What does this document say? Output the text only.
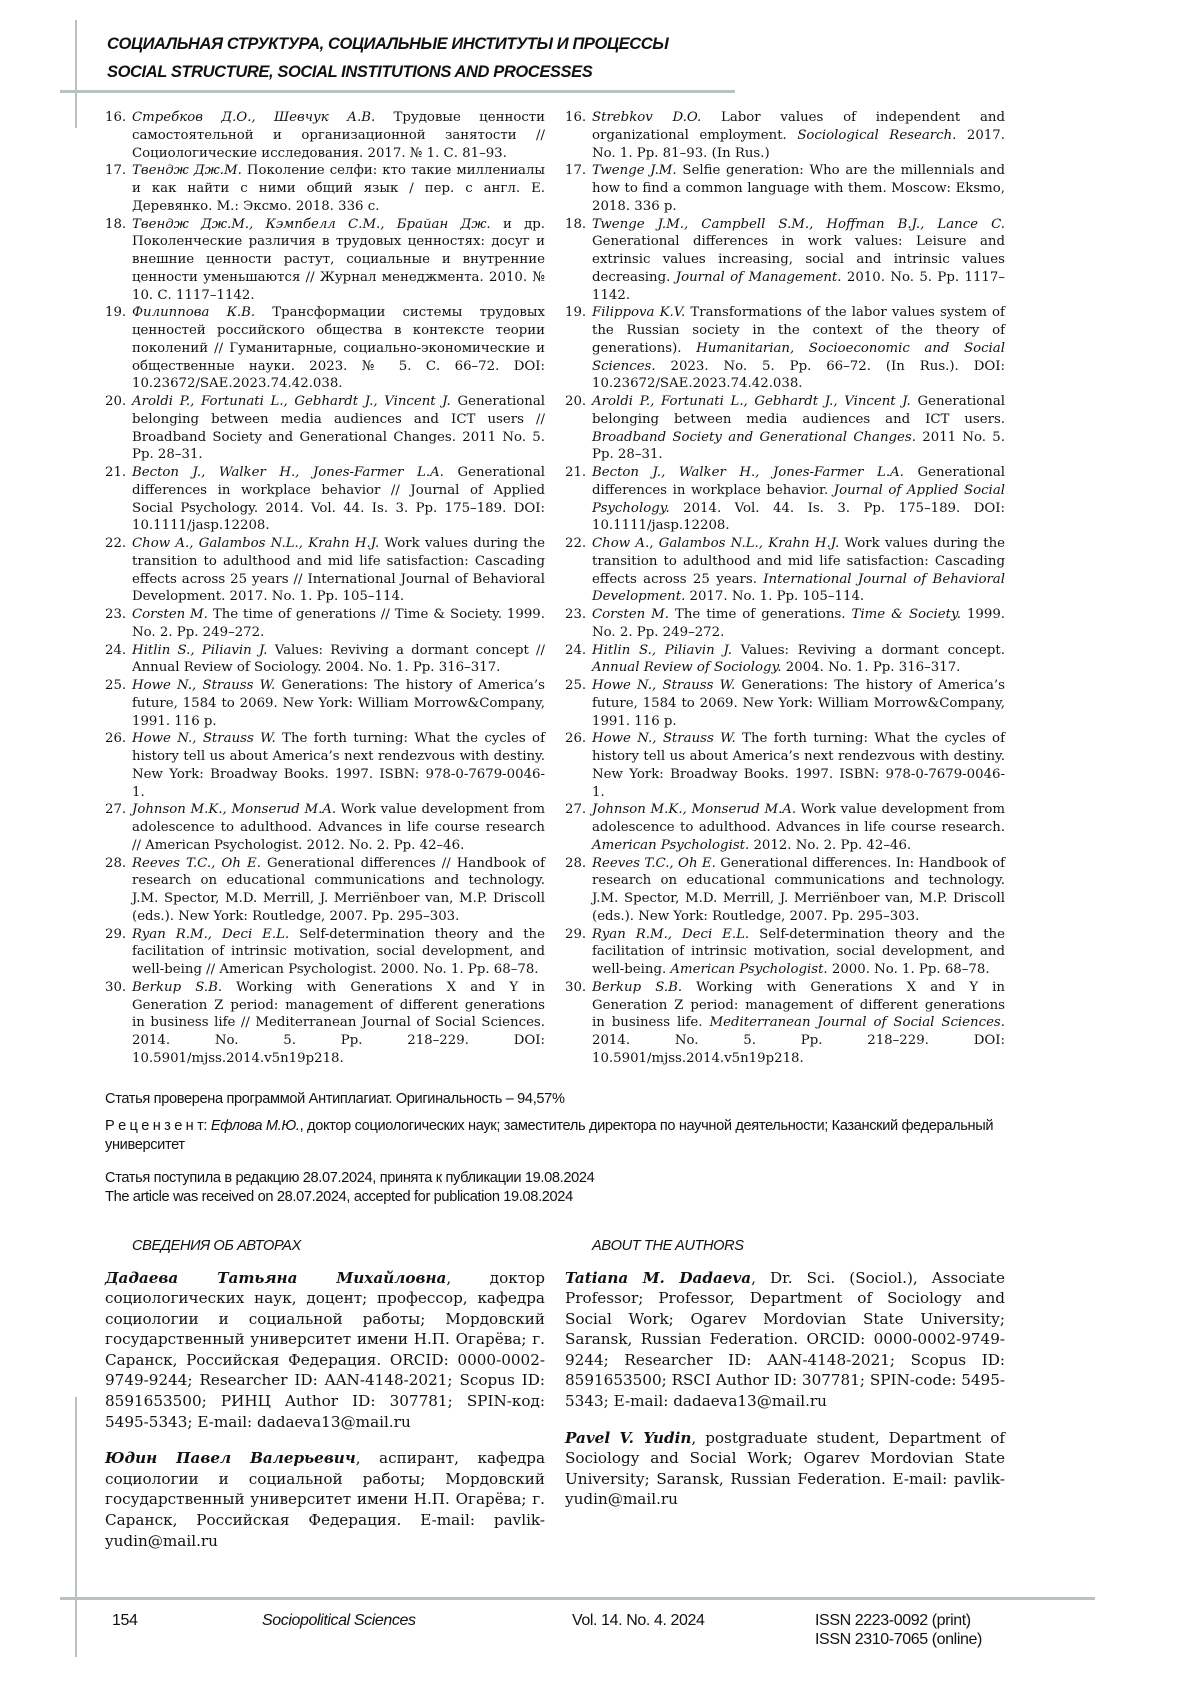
СОЦИАЛЬНАЯ СТРУКТУРА, СОЦИАЛЬНЫЕ ИНСТИТУТЫ И ПРОЦЕССЫ
SOCIAL STRUCTURE, SOCIAL INSTITUTIONS AND PROCESSES
16. Стребков Д.О., Шевчук А.В. Трудовые ценности самостоятельной и организационной занятости // Социологические исследования. 2017. № 1. С. 81–93.
17. Твендж Дж.М. Поколение селфи: кто такие миллениалы и как найти с ними общий язык / пер. с англ. Е. Деревянко. М.: Эксмо. 2018. 336 с.
18. Твендж Дж.М., Кэмпбелл С.М., Брайан Дж. и др. Поколенческие различия в трудовых ценностях: досуг и внешние ценности растут, социальные и внутренние ценности уменьшаются // Журнал менеджмента. 2010. № 10. С. 1117–1142.
19. Филиппова К.В. Трансформации системы трудовых ценностей российского общества в контексте теории поколений // Гуманитарные, социально-экономические и общественные науки. 2023. № 5. С. 66–72. DOI: 10.23672/SAE.2023.74.42.038.
20. Aroldi P., Fortunati L., Gebhardt J., Vincent J. Generational belonging between media audiences and ICT users // Broadband Society and Generational Changes. 2011 No. 5. Pp. 28–31.
21. Becton J., Walker H., Jones-Farmer L.A. Generational differences in workplace behavior // Journal of Applied Social Psychology. 2014. Vol. 44. Is. 3. Pp. 175–189. DOI: 10.1111/jasp.12208.
22. Chow A., Galambos N.L., Krahn H.J. Work values during the transition to adulthood and mid life satisfaction: Cascading effects across 25 years // International Journal of Behavioral Development. 2017. No. 1. Pp. 105–114.
23. Corsten M. The time of generations // Time & Society. 1999. No. 2. Pp. 249–272.
24. Hitlin S., Piliavin J. Values: Reviving a dormant concept // Annual Review of Sociology. 2004. No. 1. Pp. 316–317.
25. Howe N., Strauss W. Generations: The history of America’s future, 1584 to 2069. New York: William Morrow&Company, 1991. 116 p.
26. Howe N., Strauss W. The forth turning: What the cycles of history tell us about America’s next rendezvous with destiny. New York: Broadway Books. 1997. ISBN: 978-0-7679-0046-1.
27. Johnson M.K., Monserud M.A. Work value development from adolescence to adulthood. Advances in life course research // American Psychologist. 2012. No. 2. Pp. 42–46.
28. Reeves T.C., Oh E. Generational differences // Handbook of research on educational communications and technology. J.M. Spector, M.D. Merrill, J. Merriënboer van, M.P. Driscoll (eds.). New York: Routledge, 2007. Pp. 295–303.
29. Ryan R.M., Deci E.L. Self-determination theory and the facilitation of intrinsic motivation, social development, and well-being // American Psychologist. 2000. No. 1. Pp. 68–78.
30. Berkup S.B. Working with Generations X and Y in Generation Z period: management of different generations in business life // Mediterranean Journal of Social Sciences. 2014. No. 5. Pp. 218–229. DOI: 10.5901/mjss.2014.v5n19p218.
16. Strebkov D.O. Labor values of independent and organizational employment. Sociological Research. 2017. No. 1. Pp. 81–93. (In Rus.)
17. Twenge J.M. Selfie generation: Who are the millennials and how to find a common language with them. Moscow: Eksmo, 2018. 336 p.
18. Twenge J.M., Campbell S.M., Hoffman B.J., Lance C. Generational differences in work values: Leisure and extrinsic values increasing, social and intrinsic values decreasing. Journal of Management. 2010. No. 5. Pp. 1117–1142.
19. Filippova K.V. Transformations of the labor values system of the Russian society in the context of the theory of generations). Humanitarian, Socioeconomic and Social Sciences. 2023. No. 5. Pp. 66–72. (In Rus.). DOI: 10.23672/SAE.2023.74.42.038.
20. Aroldi P., Fortunati L., Gebhardt J., Vincent J. Generational belonging between media audiences and ICT users. Broadband Society and Generational Changes. 2011 No. 5. Pp. 28–31.
21. Becton J., Walker H., Jones-Farmer L.A. Generational differences in workplace behavior. Journal of Applied Social Psychology. 2014. Vol. 44. Is. 3. Pp. 175–189. DOI: 10.1111/jasp.12208.
22. Chow A., Galambos N.L., Krahn H.J. Work values during the transition to adulthood and mid life satisfaction: Cascading effects across 25 years. International Journal of Behavioral Development. 2017. No. 1. Pp. 105–114.
23. Corsten M. The time of generations. Time & Society. 1999. No. 2. Pp. 249–272.
24. Hitlin S., Piliavin J. Values: Reviving a dormant concept. Annual Review of Sociology. 2004. No. 1. Pp. 316–317.
25. Howe N., Strauss W. Generations: The history of America’s future, 1584 to 2069. New York: William Morrow&Company, 1991. 116 p.
26. Howe N., Strauss W. The forth turning: What the cycles of history tell us about America’s next rendezvous with destiny. New York: Broadway Books. 1997. ISBN: 978-0-7679-0046-1.
27. Johnson M.K., Monserud M.A. Work value development from adolescence to adulthood. Advances in life course research. American Psychologist. 2012. No. 2. Pp. 42–46.
28. Reeves T.C., Oh E. Generational differences. In: Handbook of research on educational communications and technology. J.M. Spector, M.D. Merrill, J. Merriënboer van, M.P. Driscoll (eds.). New York: Routledge, 2007. Pp. 295–303.
29. Ryan R.M., Deci E.L. Self-determination theory and the facilitation of intrinsic motivation, social development, and well-being. American Psychologist. 2000. No. 1. Pp. 68–78.
30. Berkup S.B. Working with Generations X and Y in Generation Z period: management of different generations in business life. Mediterranean Journal of Social Sciences. 2014. No. 5. Pp. 218–229. DOI: 10.5901/mjss.2014.v5n19p218.
Статья проверена программой Антиплагиат. Оригинальность – 94,57%
Р е ц е н з е н т: Ефлова М.Ю., доктор социологических наук; заместитель директора по научной деятельности; Казанский федеральный университет
Статья поступила в редакцию 28.07.2024, принята к публикации 19.08.2024
The article was received on 28.07.2024, accepted for publication 19.08.2024
СВЕДЕНИЯ ОБ АВТОРАХ
Дадаева Татьяна Михайловна, доктор социологических наук, доцент; профессор, кафедра социологии и социальной работы; Мордовский государственный университет имени Н.П. Огарёва; г. Саранск, Российская Федерация. ORCID: 0000-0002-9749-9244; Researcher ID: AAN-4148-2021; Scopus ID: 8591653500; РИНЦ Author ID: 307781; SPIN-код: 5495-5343; E-mail: dadaeva13@mail.ru
Юдин Павел Валерьевич, аспирант, кафедра социологии и социальной работы; Мордовский государственный университет имени Н.П. Огарёва; г. Саранск, Российская Федерация. E-mail: pavlik-yudin@mail.ru
ABOUT THE AUTHORS
Tatiana M. Dadaeva, Dr. Sci. (Sociol.), Associate Professor; Professor, Department of Sociology and Social Work; Ogarev Mordovian State University; Saransk, Russian Federation. ORCID: 0000-0002-9749-9244; Researcher ID: AAN-4148-2021; Scopus ID: 8591653500; RSCI Author ID: 307781; SPIN-code: 5495-5343; E-mail: dadaeva13@mail.ru
Pavel V. Yudin, postgraduate student, Department of Sociology and Social Work; Ogarev Mordovian State University; Saransk, Russian Federation. E-mail: pavlik-yudin@mail.ru
154	Sociopolitical Sciences	Vol. 14. No. 4. 2024	ISSN 2223-0092 (print)
ISSN 2310-7065 (online)
